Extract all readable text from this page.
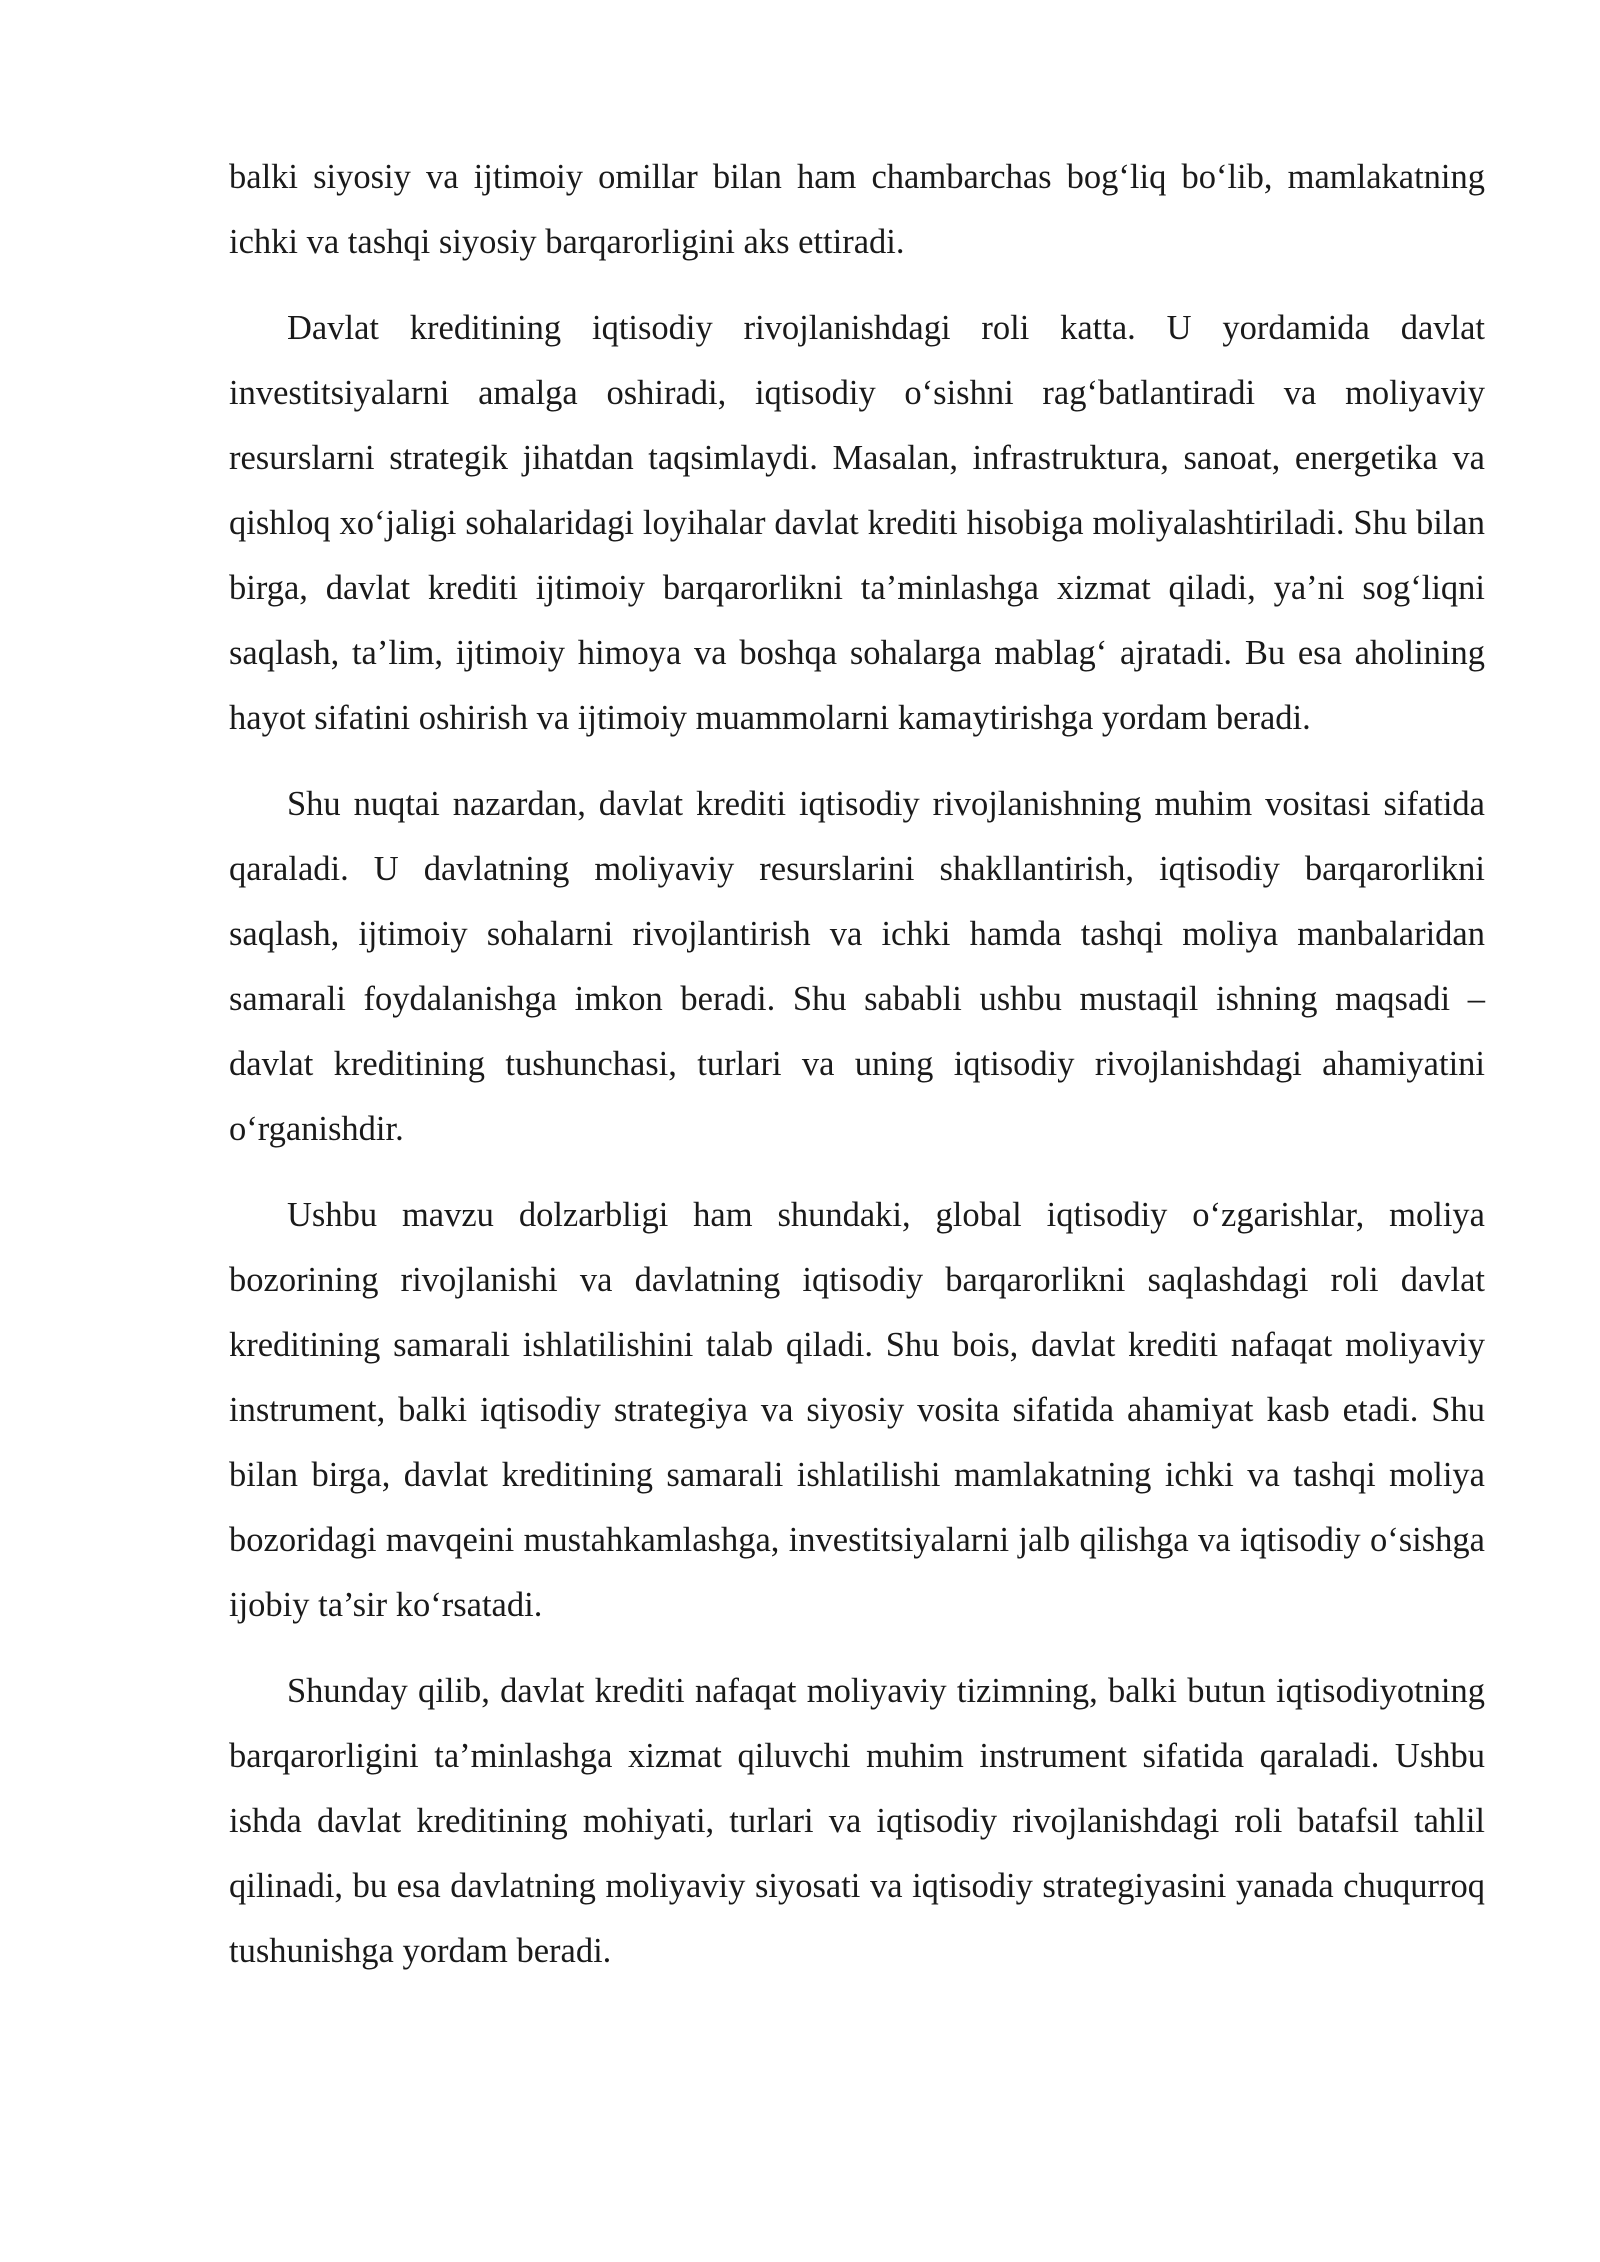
balki siyosiy va ijtimoiy omillar bilan ham chambarchas bog‘liq bo‘lib, mamlakatning ichki va tashqi siyosiy barqarorligini aks ettiradi.

Davlat kreditining iqtisodiy rivojlanishdagi roli katta. U yordamida davlat investitsiyalarni amalga oshiradi, iqtisodiy o‘sishni rag‘batlantiradi va moliyaviy resurslarni strategik jihatdan taqsimlaydi. Masalan, infrastruktura, sanoat, energetika va qishloq xo‘jaligi sohalaridagi loyihalar davlat krediti hisobiga moliyalashtiriladi. Shu bilan birga, davlat krediti ijtimoiy barqarorlikni ta’minlashga xizmat qiladi, ya’ni sog‘liqni saqlash, ta’lim, ijtimoiy himoya va boshqa sohalarga mablag‘ ajratadi. Bu esa aholining hayot sifatini oshirish va ijtimoiy muammolarni kamaytirishga yordam beradi.

Shu nuqtai nazardan, davlat krediti iqtisodiy rivojlanishning muhim vositasi sifatida qaraladi. U davlatning moliyaviy resurslarini shakllantirish, iqtisodiy barqarorlikni saqlash, ijtimoiy sohalarni rivojlantirish va ichki hamda tashqi moliya manbalaridan samarali foydalanishga imkon beradi. Shu sababli ushbu mustaqil ishning maqsadi – davlat kreditining tushunchasi, turlari va uning iqtisodiy rivojlanishdagi ahamiyatini o‘rganishdir.

Ushbu mavzu dolzarbligi ham shundaki, global iqtisodiy o‘zgarishlar, moliya bozorining rivojlanishi va davlatning iqtisodiy barqarorlikni saqlashdagi roli davlat kreditining samarali ishlatilishini talab qiladi. Shu bois, davlat krediti nafaqat moliyaviy instrument, balki iqtisodiy strategiya va siyosiy vosita sifatida ahamiyat kasb etadi. Shu bilan birga, davlat kreditining samarali ishlatilishi mamlakatning ichki va tashqi moliya bozoridagi mavqeini mustahkamlashga, investitsiyalarni jalb qilishga va iqtisodiy o‘sishga ijobiy ta’sir ko‘rsatadi.

Shunday qilib, davlat krediti nafaqat moliyaviy tizimning, balki butun iqtisodiyotning barqarorligini ta’minlashga xizmat qiluvchi muhim instrument sifatida qaraladi. Ushbu ishda davlat kreditining mohiyati, turlari va iqtisodiy rivojlanishdagi roli batafsil tahlil qilinadi, bu esa davlatning moliyaviy siyosati va iqtisodiy strategiyasini yanada chuqurroq tushunishga yordam beradi.
